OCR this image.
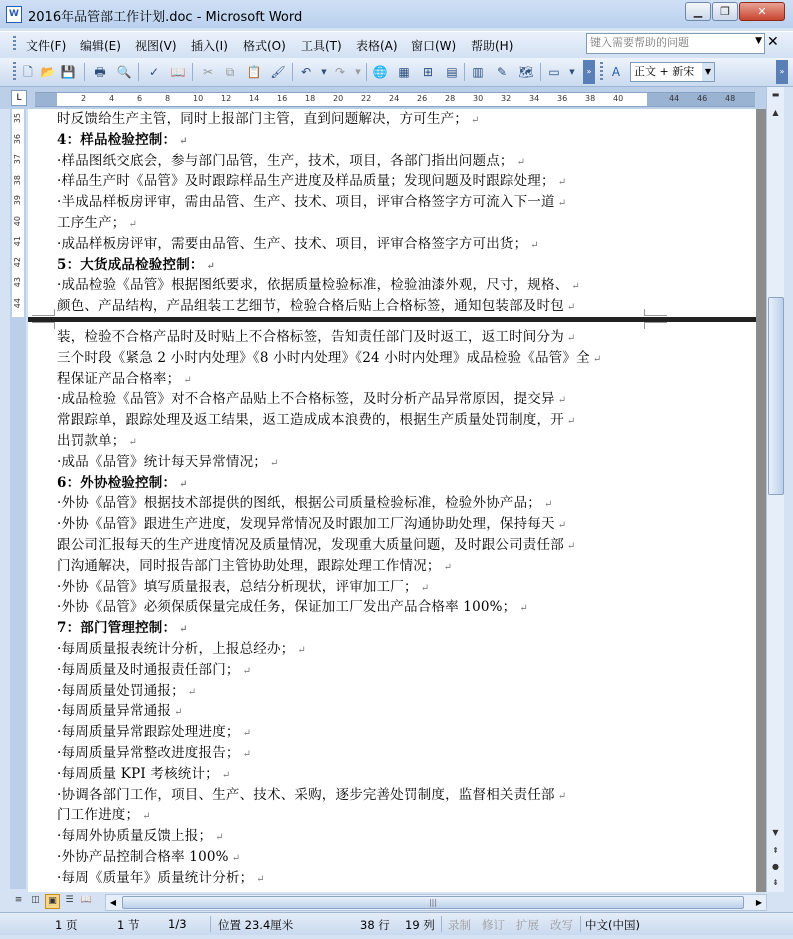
W 2016年品管部工作计划.doc - Microsoft Word	▁	❐	✕
文件(F) 编辑(E) 视图(V) 插入(I) 格式(O) 工具(T) 表格(A) 窗口(W) 帮助(H)
键入需要帮助的问题	▼ ✕
🗋 📂 💾 🖶 🔍 ✓ 📖 ✂	⧉	📋 🖌 ↶	▼ ↷	▼ 🌐 ▦ ⊞ ▤ ▥ ✎ 🗺 ▭	▼	»	A	正文 + 新宋	▼	»
L	2	4	6	8	10 12 14 16 18 20 22 24 26 28 30 32 34 36 38 40	44 46 48
35
36
37
38
39
40
41
42
43
44
时反馈给生产主管，同时上报部门主管，直到问题解决，方可生产； ↵
4：样品检验控制： ↵
·样品图纸交底会，参与部门品管，生产，技术，项目，各部门指出问题点； ↵
·样品生产时《品管》及时跟踪样品生产进度及样品质量；发现问题及时跟踪处理； ↵
·半成品样板房评审，需由品管、生产、技术、项目，评审合格签字方可流入下一道 ↵
工序生产； ↵
·成品样板房评审，需要由品管、生产、技术、项目，评审合格签字方可出货； ↵
5：大货成品检验控制： ↵
·成品检验《品管》根据图纸要求，依据质量检验标准，检验油漆外观，尺寸，规格、 ↵
颜色、产品结构，产品组装工艺细节，检验合格后贴上合格标签，通知包装部及时包 ↵
装，检验不合格产品时及时贴上不合格标签，告知责任部门及时返工，返工时间分为 ↵
三个时段《紧急 2 小时内处理》《8 小时内处理》《24 小时内处理》成品检验《品管》全 ↵
程保证产品合格率； ↵
·成品检验《品管》对不合格产品贴上不合格标签，及时分析产品异常原因，提交异 ↵
常跟踪单，跟踪处理及返工结果，返工造成成本浪费的，根据生产质量处罚制度，开 ↵
出罚款单； ↵
·成品《品管》统计每天异常情况； ↵
6：外协检验控制： ↵
·外协《品管》根据技术部提供的图纸，根据公司质量检验标准，检验外协产品； ↵
·外协《品管》跟进生产进度，发现异常情况及时跟加工厂沟通协助处理，保持每天 ↵
跟公司汇报每天的生产进度情况及质量情况，发现重大质量问题，及时跟公司责任部 ↵
门沟通解决，同时报告部门主管协助处理，跟踪处理工作情况； ↵
·外协《品管》填写质量报表，总结分析现状，评审加工厂； ↵
·外协《品管》必须保质保量完成任务，保证加工厂发出产品合格率 100%； ↵
7：部门管理控制： ↵
·每周质量报表统计分析，上报总经办； ↵
·每周质量及时通报责任部门； ↵
·每周质量处罚通报； ↵
·每周质量异常通报 ↵
·每周质量异常跟踪处理进度； ↵
·每周质量异常整改进度报告； ↵
·每周质量 KPI 考核统计； ↵
·协调各部门工作，项目、生产、技术、采购，逐步完善处罚制度，监督相关责任部 ↵
门工作进度； ↵
·每周外协质量反馈上报； ↵
·外协产品控制合格率 100% ↵
·每周《质量年》质量统计分析； ↵
▬
▲
▼
⇞
●
⇟
≡ ◫ ▣ ☰ 📖	◀	|||	▶
1 页	1 节 1/3	位置 23.4厘米	38 行 19 列 录制 修订 扩展 改写 中文(中国)
